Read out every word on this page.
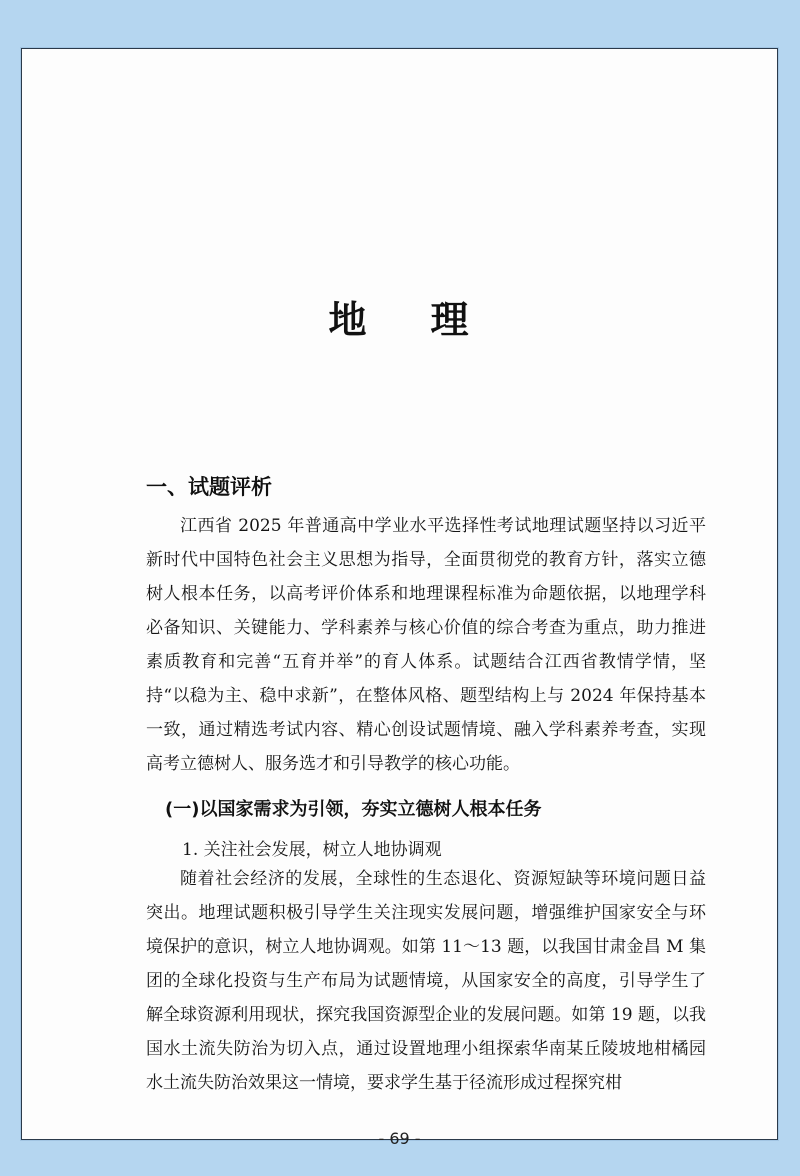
地 理
一、试题评析

江西省 2025 年普通高中学业水平选择性考试地理试题坚持以习近平新时代中国特色社会主义思想为指导，全面贯彻党的教育方针，落实立德树人根本任务，以高考评价体系和地理课程标准为命题依据，以地理学科必备知识、关键能力、学科素养与核心价值的综合考查为重点，助力推进素质教育和完善“五育并举”的育人体系。试题结合江西省教情学情，坚持“以稳为主、稳中求新”，在整体风格、题型结构上与 2024 年保持基本一致，通过精选考试内容、精心创设试题情境、融入学科素养考查，实现高考立德树人、服务选才和引导教学的核心功能。

(一)以国家需求为引领，夯实立德树人根本任务
1. 关注社会发展，树立人地协调观

随着社会经济的发展，全球性的生态退化、资源短缺等环境问题日益突出。地理试题积极引导学生关注现实发展问题，增强维护国家安全与环境保护的意识，树立人地协调观。如第 11～13 题，以我国甘肃金昌 M 集团的全球化投资与生产布局为试题情境，从国家安全的高度，引导学生了解全球资源利用现状，探究我国资源型企业的发展问题。如第 19 题，以我国水土流失防治为切入点，通过设置地理小组探索华南某丘陵坡地柑橘园水土流失防治效果这一情境，要求学生基于径流形成过程探究柑

- 69 -
